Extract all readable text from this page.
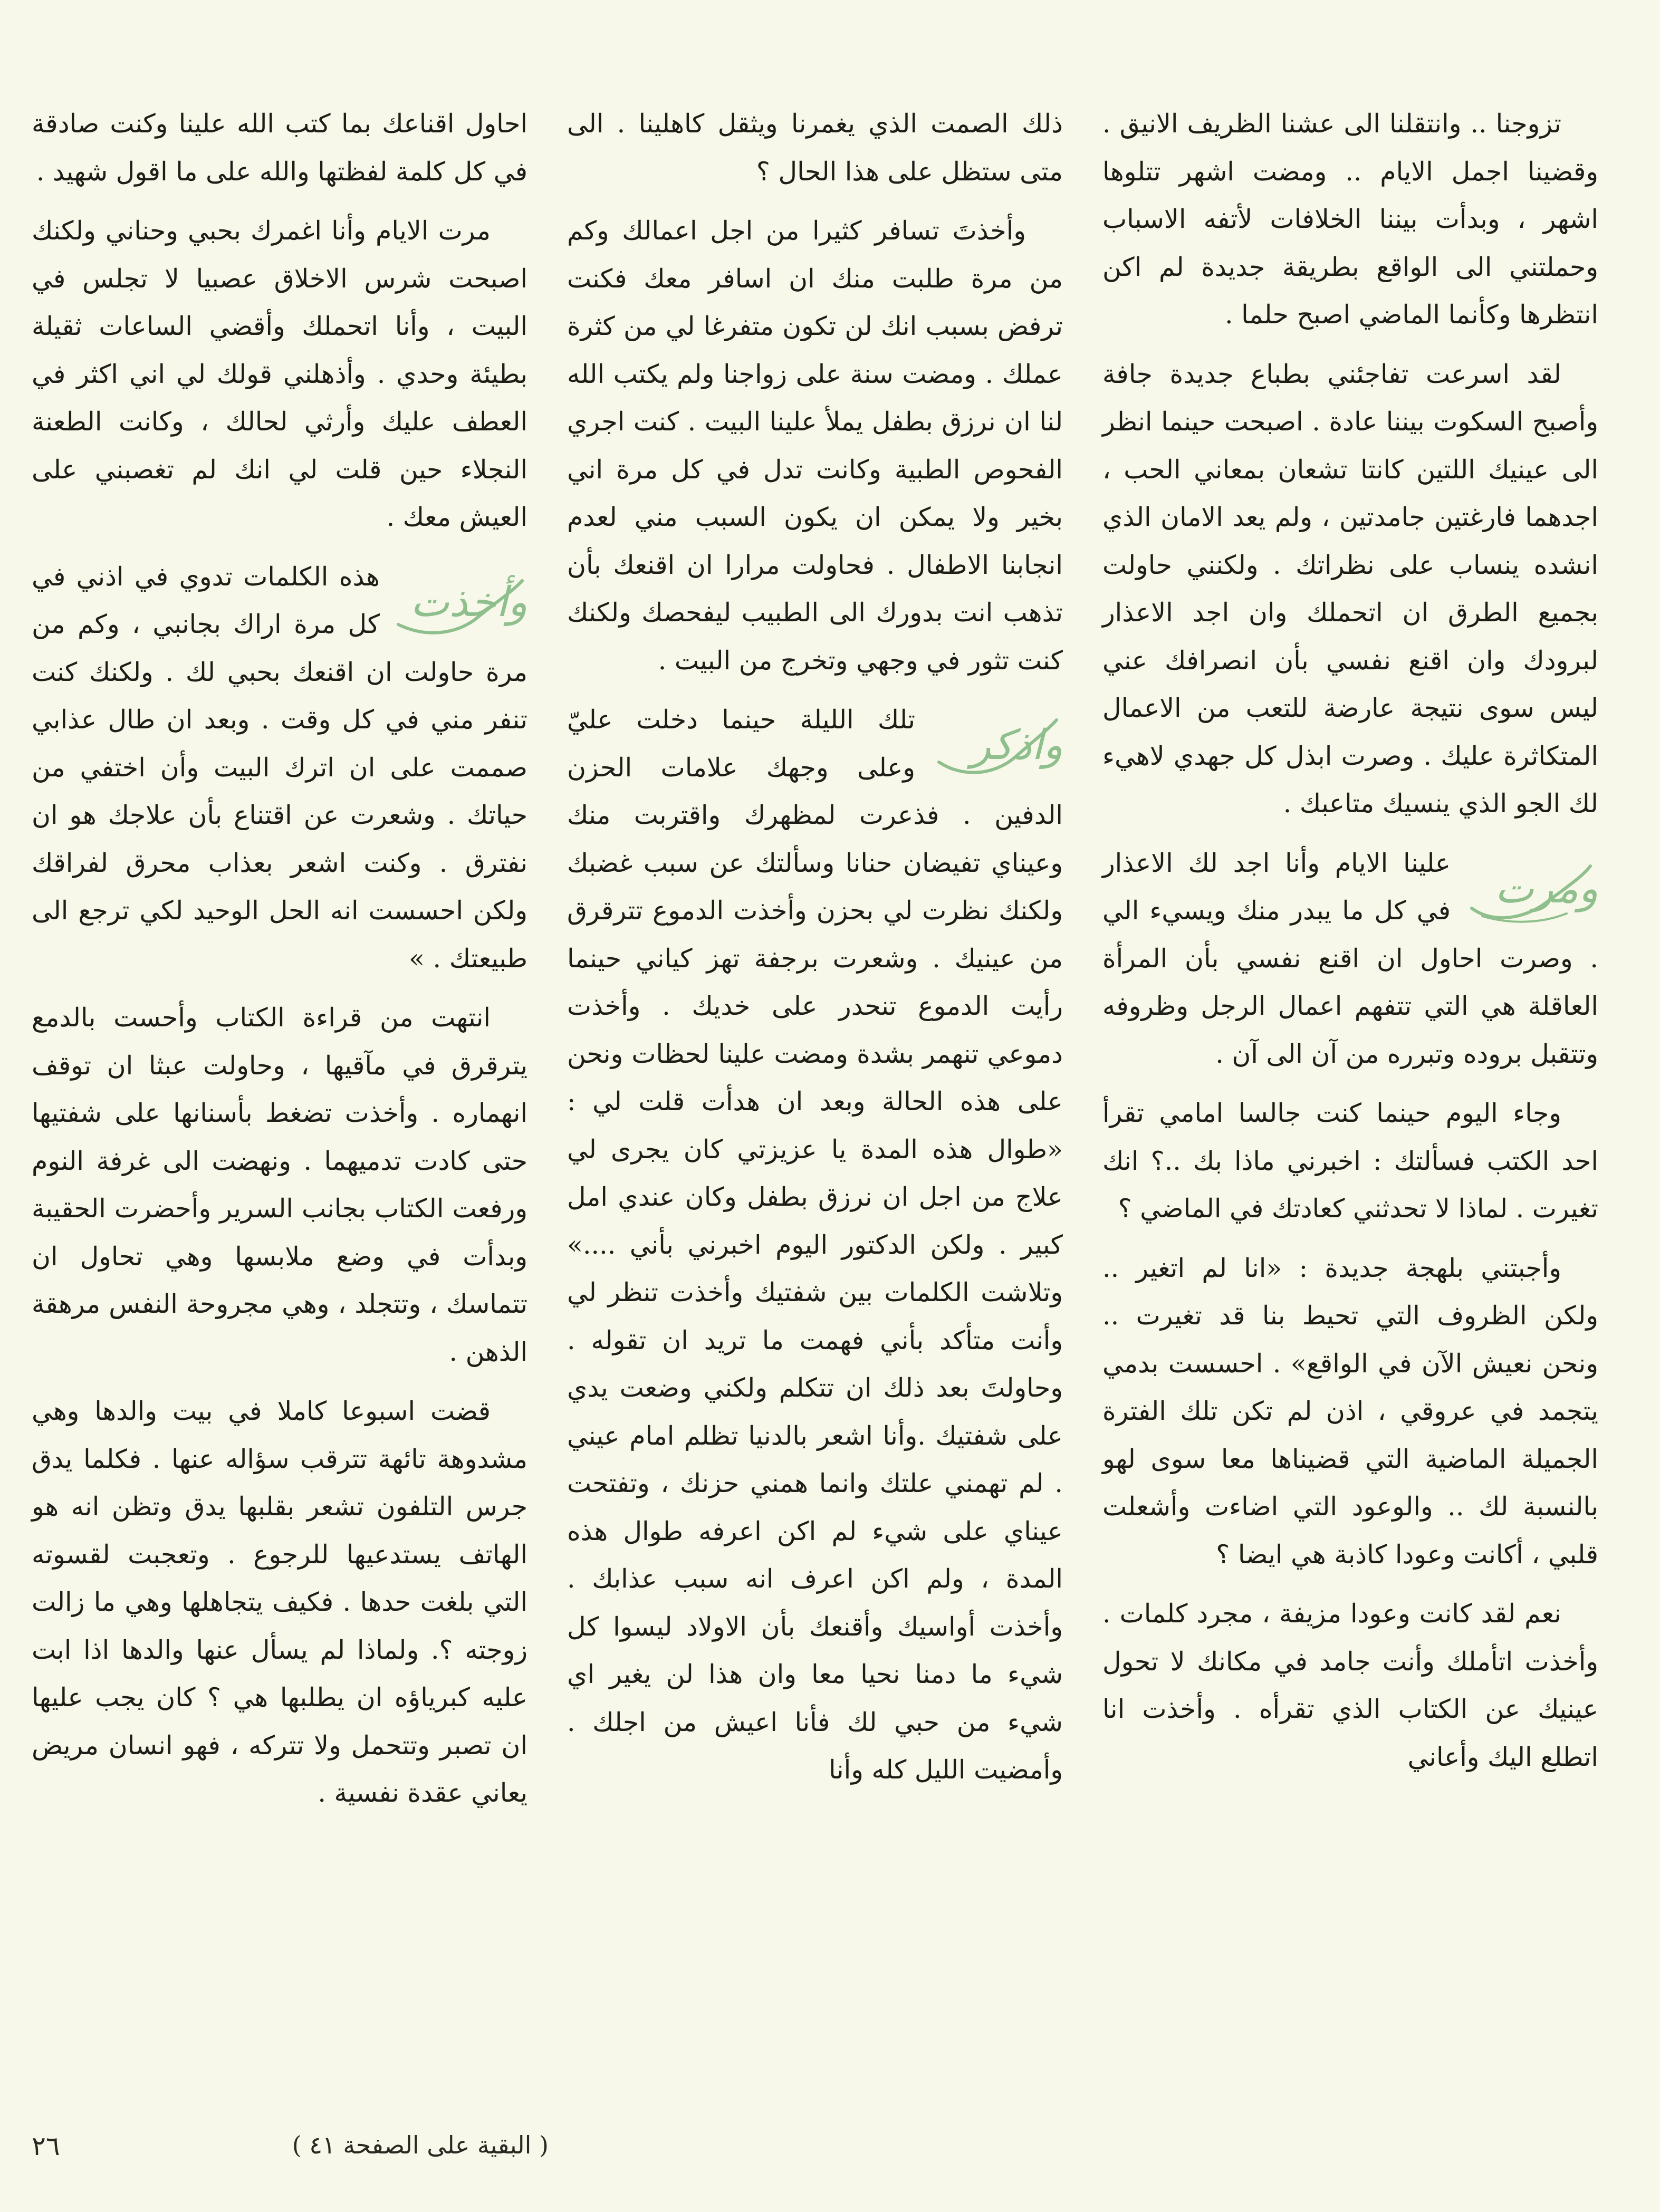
تزوجنا .. وانتقلنا الى عشنا الظريف الانيق . وقضينا اجمل الايام .. ومضت اشهر تتلوها اشهر ، وبدأت بيننا الخلافات لأتفه الاسباب وحملتني الى الواقع بطريقة جديدة لم اكن انتظرها وكأنما الماضي اصبح حلما .

لقد اسرعت تفاجئني بطباع جديدة جافة وأصبح السكوت بيننا عادة . اصبحت حينما انظر الى عينيك اللتين كانتا تشعان بمعاني الحب ، اجدهما فارغتين جامدتين ، ولم يعد الامان الذي انشده ينساب على نظراتك . ولكنني حاولت بجميع الطرق ان اتحملك وان اجد الاعذار لبرودك وان اقنع نفسي بأن انصرافك عني ليس سوى نتيجة عارضة للتعب من الاعمال المتكاثرة عليك . وصرت ابذل كل جهدي لاهيء لك الجو الذي ينسيك متاعبك .

ومرت

علينا الايام وأنا اجد لك الاعذار في كل ما يبدر منك ويسيء الي . وصرت احاول ان اقنع نفسي بأن المرأة العاقلة هي التي تتفهم اعمال الرجل وظروفه وتتقبل بروده وتبرره من آن الى آن .

وجاء اليوم حينما كنت جالسا امامي تقرأ احد الكتب فسألتك : اخبرني ماذا بك ..؟ انك تغيرت . لماذا لا تحدثني كعادتك في الماضي ؟

وأجبتني بلهجة جديدة : «انا لم اتغير .. ولكن الظروف التي تحيط بنا قد تغيرت .. ونحن نعيش الآن في الواقع» . احسست بدمي يتجمد في عروقي ، اذن لم تكن تلك الفترة الجميلة الماضية التي قضيناها معا سوى لهو بالنسبة لك .. والوعود التي اضاءت وأشعلت قلبي ، أكانت وعودا كاذبة هي ايضا ؟

نعم لقد كانت وعودا مزيفة ، مجرد كلمات . وأخذت اتأملك وأنت جامد في مكانك لا تحول عينيك عن الكتاب الذي تقرأه . وأخذت انا اتطلع اليك وأعاني

ذلك الصمت الذي يغمرنا ويثقل كاهلينا . الى متى ستظل على هذا الحال ؟

وأخذتَ تسافر كثيرا من اجل اعمالك وكم من مرة طلبت منك ان اسافر معك فكنت ترفض بسبب انك لن تكون متفرغا لي من كثرة عملك . ومضت سنة على زواجنا ولم يكتب الله لنا ان نرزق بطفل يملأ علينا البيت . كنت اجري الفحوص الطبية وكانت تدل في كل مرة اني بخير ولا يمكن ان يكون السبب مني لعدم انجابنا الاطفال . فحاولت مرارا ان اقنعك بأن تذهب انت بدورك الى الطبيب ليفحصك ولكنك كنت تثور في وجهي وتخرج من البيت .

واذكر

تلك الليلة حينما دخلت عليّ وعلى وجهك علامات الحزن الدفين . فذعرت لمظهرك واقتربت منك وعيناي تفيضان حنانا وسألتك عن سبب غضبك ولكنك نظرت لي بحزن وأخذت الدموع تترقرق من عينيك . وشعرت برجفة تهز كياني حينما رأيت الدموع تنحدر على خديك . وأخذت دموعي تنهمر بشدة ومضت علينا لحظات ونحن على هذه الحالة وبعد ان هدأت قلت لي : «طوال هذه المدة يا عزيزتي كان يجرى لي علاج من اجل ان نرزق بطفل وكان عندي امل كبير . ولكن الدكتور اليوم اخبرني بأني ....» وتلاشت الكلمات بين شفتيك وأخذت تنظر لي وأنت متأكد بأني فهمت ما تريد ان تقوله . وحاولتَ بعد ذلك ان تتكلم ولكني وضعت يدي على شفتيك .وأنا اشعر بالدنيا تظلم امام عيني . لم تهمني علتك وانما همني حزنك ، وتفتحت عيناي على شيء لم اكن اعرفه طوال هذه المدة ، ولم اكن اعرف انه سبب عذابك . وأخذت أواسيك وأقنعك بأن الاولاد ليسوا كل شيء ما دمنا نحيا معا وان هذا لن يغير اي شيء من حبي لك فأنا اعيش من اجلك . وأمضيت الليل كله وأنا

احاول اقناعك بما كتب الله علينا وكنت صادقة في كل كلمة لفظتها والله على ما اقول شهيد .

مرت الايام وأنا اغمرك بحبي وحناني ولكنك اصبحت شرس الاخلاق عصبيا لا تجلس في البيت ، وأنا اتحملك وأقضي الساعات ثقيلة بطيئة وحدي . وأذهلني قولك لي اني اكثر في العطف عليك وأرثي لحالك ، وكانت الطعنة النجلاء حين قلت لي انك لم تغصبني على العيش معك .

وأخذت

هذه الكلمات تدوي في اذني في كل مرة اراك بجانبي ، وكم من مرة حاولت ان اقنعك بحبي لك . ولكنك كنت تنفر مني في كل وقت . وبعد ان طال عذابي صممت على ان اترك البيت وأن اختفي من حياتك . وشعرت عن اقتناع بأن علاجك هو ان نفترق . وكنت اشعر بعذاب محرق لفراقك ولكن احسست انه الحل الوحيد لكي ترجع الى طبيعتك . »

انتهت من قراءة الكتاب وأحست بالدمع يترقرق في مآقيها ، وحاولت عبثا ان توقف انهماره . وأخذت تضغط بأسنانها على شفتيها حتى كادت تدميهما . ونهضت الى غرفة النوم ورفعت الكتاب بجانب السرير وأحضرت الحقيبة وبدأت في وضع ملابسها وهي تحاول ان تتماسك ، وتتجلد ، وهي مجروحة النفس مرهقة الذهن .

قضت اسبوعا كاملا في بيت والدها وهي مشدوهة تائهة تترقب سؤاله عنها . فكلما يدق جرس التلفون تشعر بقلبها يدق وتظن انه هو الهاتف يستدعيها للرجوع . وتعجبت لقسوته التي بلغت حدها . فكيف يتجاهلها وهي ما زالت زوجته ؟. ولماذا لم يسأل عنها والدها اذا ابت عليه كبرياؤه ان يطلبها هي ؟ كان يجب عليها ان تصبر وتتحمل ولا تتركه ، فهو انسان مريض يعاني عقدة نفسية .

( البقية على الصفحة ٤١ )
٢٦
